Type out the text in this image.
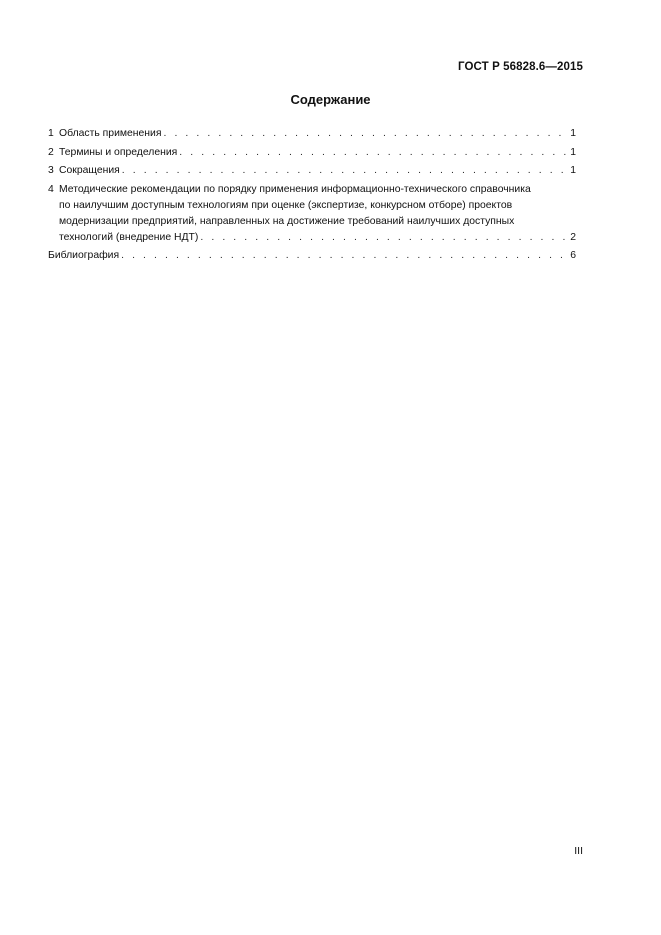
ГОСТ Р 56828.6—2015
Содержание
1 Область применения . . .	1
2 Термины и определения . . .	1
3 Сокращения . . .	1
4 Методические рекомендации по порядку применения информационно-технического справочника
по наилучшим доступным технологиям при оценке (экспертизе, конкурсном отборе) проектов
модернизации предприятий, направленных на достижение требований наилучших доступных
технологий (внедрение НДТ) . . .	2
Библиография . . .	6
III
